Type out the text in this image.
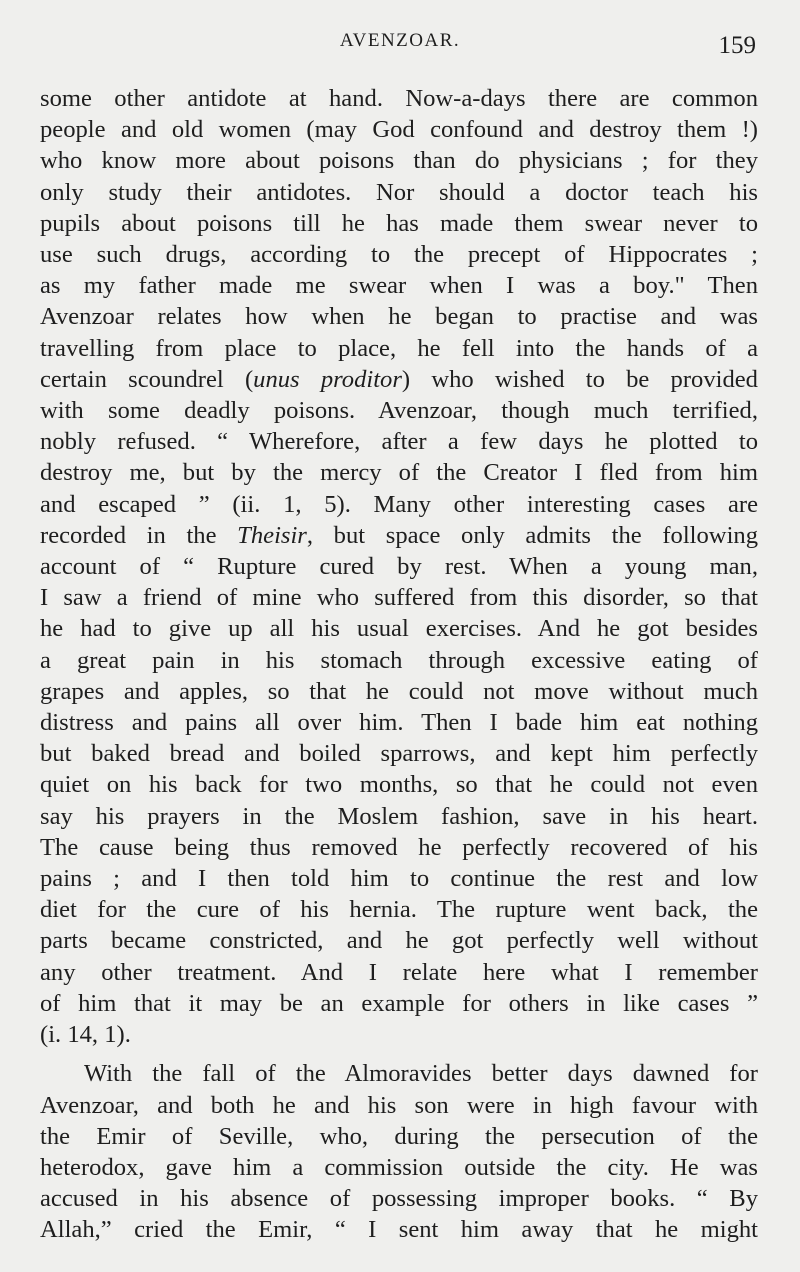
AVENZOAR.	159
some other antidote at hand. Now-a-days there are common
people and old women (may God confound and destroy them !)
who know more about poisons than do physicians ; for they
only study their antidotes. Nor should a doctor teach his
pupils about poisons till he has made them swear never to
use such drugs, according to the precept of Hippocrates ;
as my father made me swear when I was a boy." Then
Avenzoar relates how when he began to practise and was
travelling from place to place, he fell into the hands of a
certain scoundrel (unus proditor) who wished to be provided
with some deadly poisons. Avenzoar, though much terrified,
nobly refused. “ Wherefore, after a few days he plotted to
destroy me, but by the mercy of the Creator I fled from him
and escaped ” (ii. 1, 5). Many other interesting cases are
recorded in the Theisir, but space only admits the following
account of “ Rupture cured by rest. When a young man,
I saw a friend of mine who suffered from this disorder, so that
he had to give up all his usual exercises. And he got besides
a great pain in his stomach through excessive eating of
grapes and apples, so that he could not move without much
distress and pains all over him. Then I bade him eat nothing
but baked bread and boiled sparrows, and kept him perfectly
quiet on his back for two months, so that he could not even
say his prayers in the Moslem fashion, save in his heart.
The cause being thus removed he perfectly recovered of his
pains ; and I then told him to continue the rest and low
diet for the cure of his hernia. The rupture went back, the
parts became constricted, and he got perfectly well without
any other treatment. And I relate here what I remember
of him that it may be an example for others in like cases ”
(i. 14, 1).
With the fall of the Almoravides better days dawned for
Avenzoar, and both he and his son were in high favour with
the Emir of Seville, who, during the persecution of the
heterodox, gave him a commission outside the city. He was
accused in his absence of possessing improper books. “ By
Allah,” cried the Emir, “ I sent him away that he might
